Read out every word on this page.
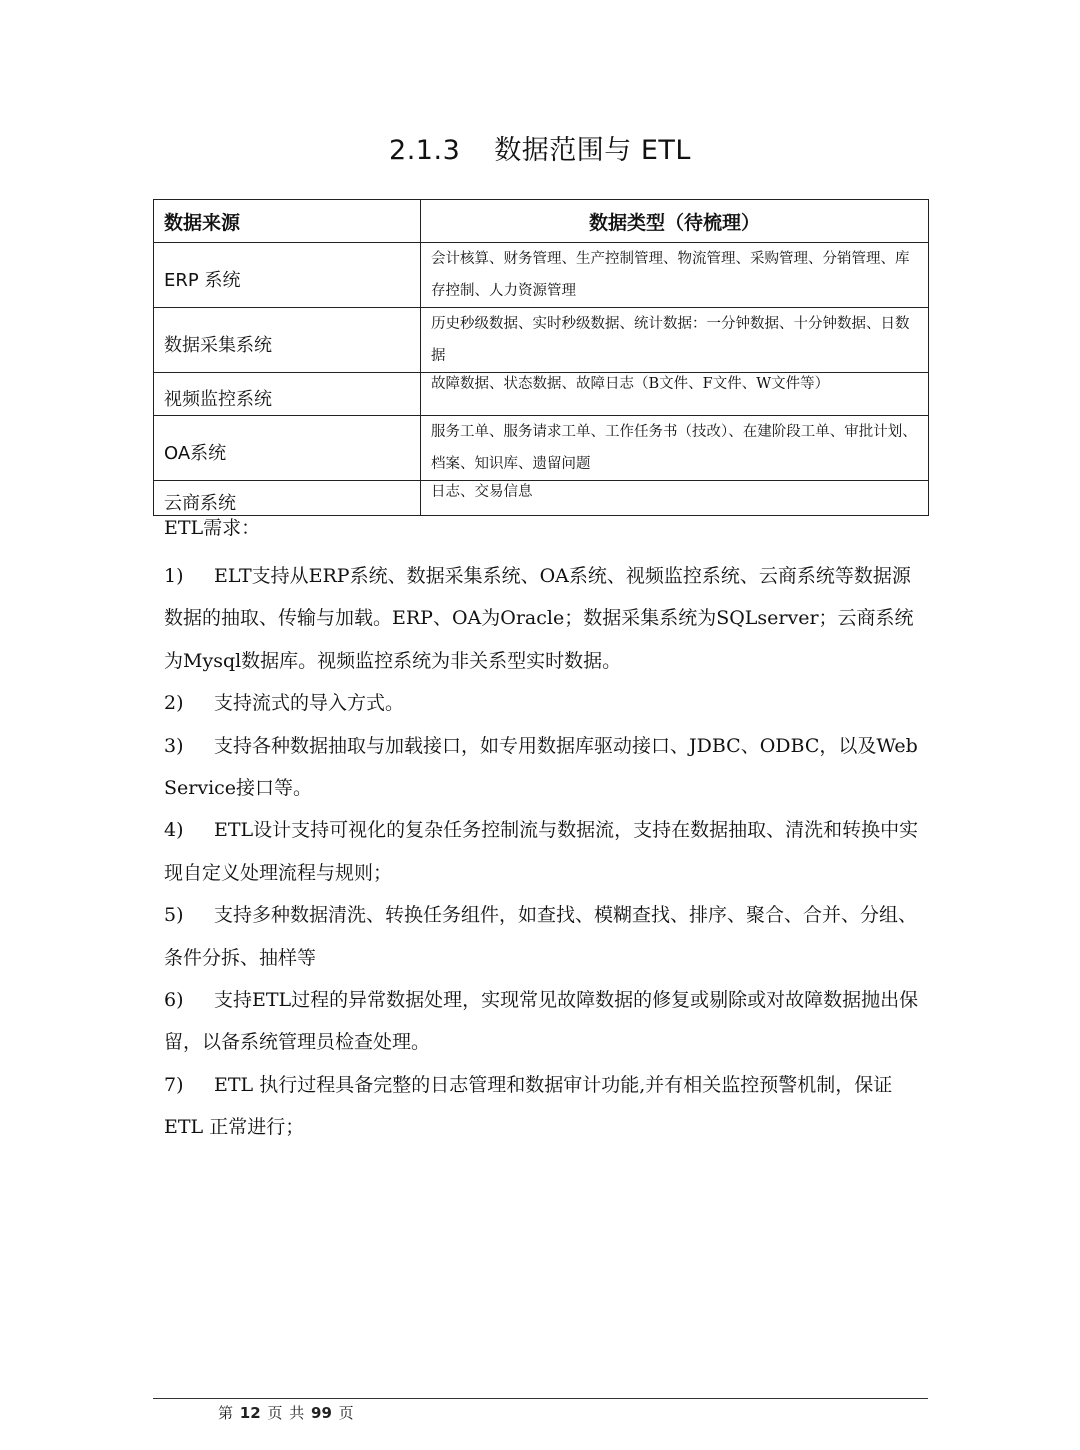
2.1.3 数据范围与 ETL
数据来源	数据类型（待梳理）
ERP 系统	会计核算、财务管理、生产控制管理、物流管理、采购管理、分销管理、库存控制、人力资源管理
数据采集系统	历史秒级数据、实时秒级数据、统计数据：一分钟数据、十分钟数据、日数据
视频监控系统	故障数据、状态数据、故障日志（B文件、F文件、W文件等）
OA系统	服务工单、服务请求工单、工作任务书（技改）、在建阶段工单、审批计划、档案、知识库、遗留问题
云商系统	日志、交易信息

ETL需求：

1) ELT支持从ERP系统、数据采集系统、OA系统、视频监控系统、云商系统等数据源数据的抽取、传输与加载。ERP、OA为Oracle；数据采集系统为SQLserver；云商系统为Mysql数据库。视频监控系统为非关系型实时数据。

2) 支持流式的导入方式。

3) 支持各种数据抽取与加载接口，如专用数据库驱动接口、JDBC、ODBC，以及Web Service接口等。

4) ETL设计支持可视化的复杂任务控制流与数据流，支持在数据抽取、清洗和转换中实现自定义处理流程与规则；

5) 支持多种数据清洗、转换任务组件，如查找、模糊查找、排序、聚合、合并、分组、条件分拆、抽样等

6) 支持ETL过程的异常数据处理，实现常见故障数据的修复或剔除或对故障数据抛出保留，以备系统管理员检查处理。

7) ETL 执行过程具备完整的日志管理和数据审计功能,并有相关监控预警机制，保证ETL 正常进行；

第 12 页 共 99 页
